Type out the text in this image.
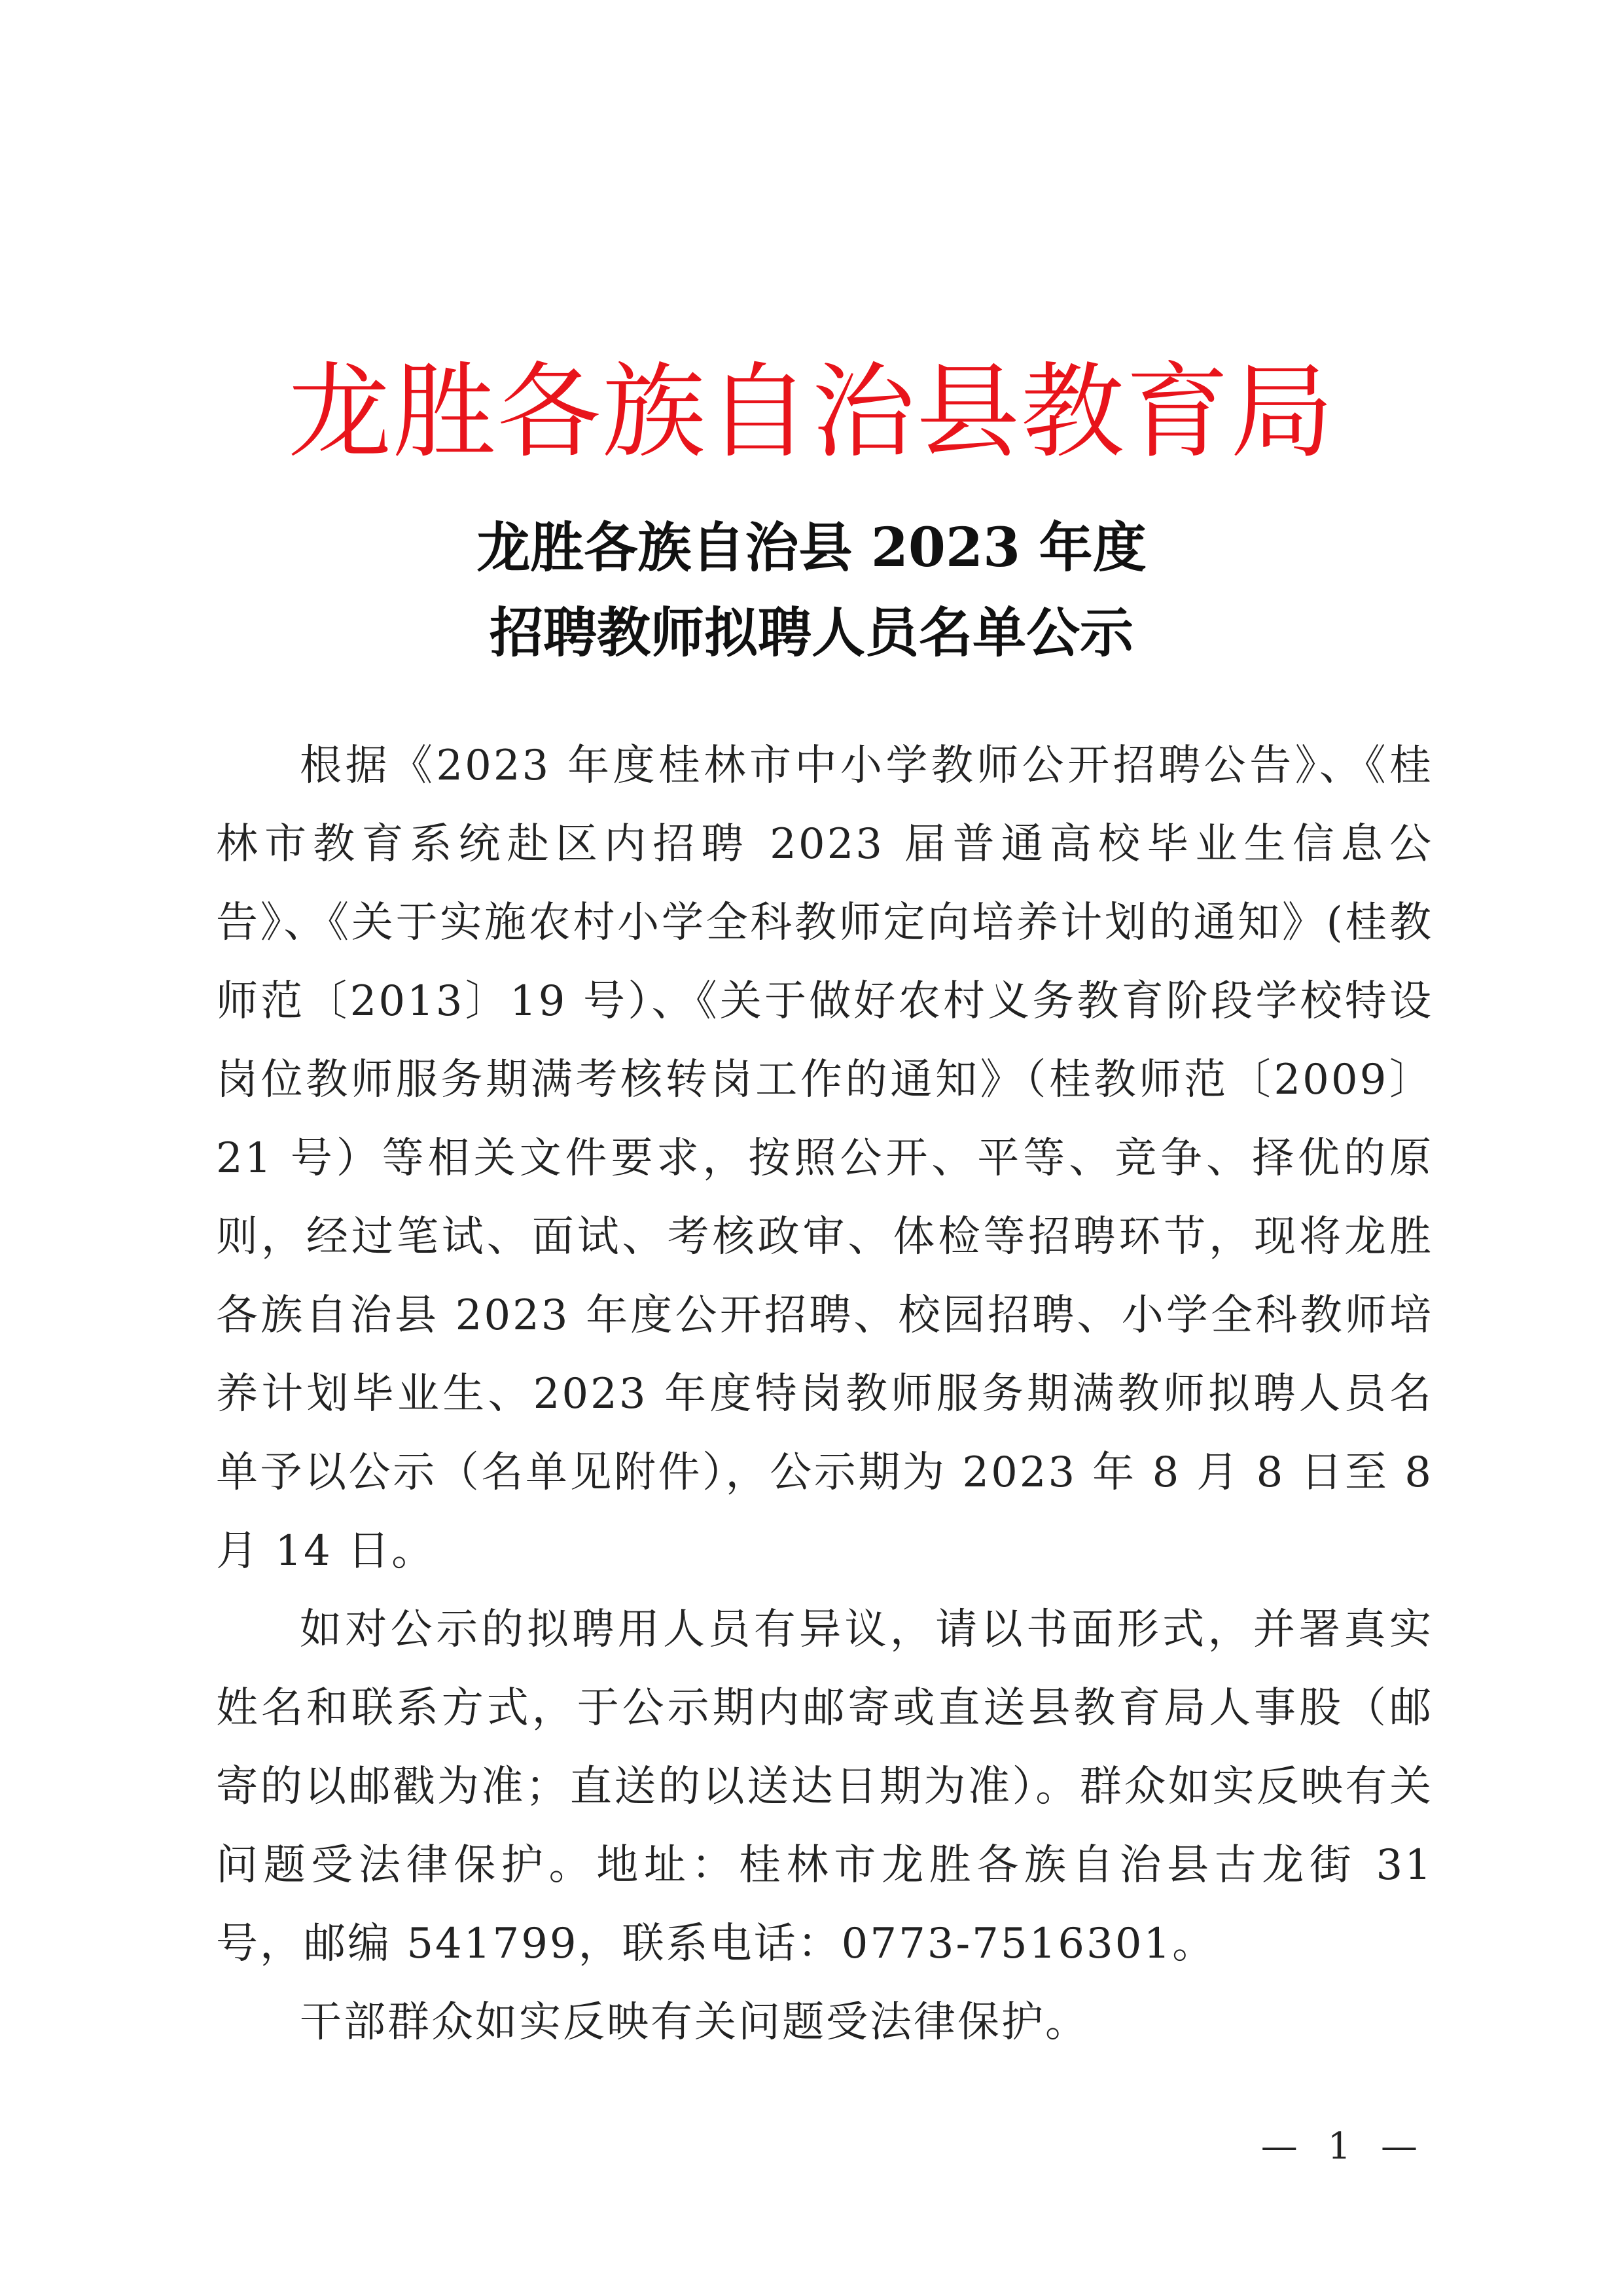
龙胜各族自治县教育局
龙胜各族自治县 2023 年度
招聘教师拟聘人员名单公示

根据《2023 年度桂林市中小学教师公开招聘公告》、《桂林市教育系统赴区内招聘 2023 届普通高校毕业生信息公告》、《关于实施农村小学全科教师定向培养计划的通知》(桂教师范〔2013〕19 号）、《关于做好农村义务教育阶段学校特设岗位教师服务期满考核转岗工作的通知》（桂教师范〔2009〕21 号）等相关文件要求，按照公开、平等、竞争、择优的原则，经过笔试、面试、考核政审、体检等招聘环节，现将龙胜各族自治县 2023 年度公开招聘、校园招聘、小学全科教师培养计划毕业生、2023 年度特岗教师服务期满教师拟聘人员名单予以公示（名单见附件），公示期为 2023 年 8 月 8 日至 8 月 14 日。

如对公示的拟聘用人员有异议，请以书面形式，并署真实姓名和联系方式，于公示期内邮寄或直送县教育局人事股（邮寄的以邮戳为准；直送的以送达日期为准）。群众如实反映有关问题受法律保护。地址：桂林市龙胜各族自治县古龙街 31 号，邮编 541799，联系电话：0773-7516301。

干部群众如实反映有关问题受法律保护。

— 1 —
